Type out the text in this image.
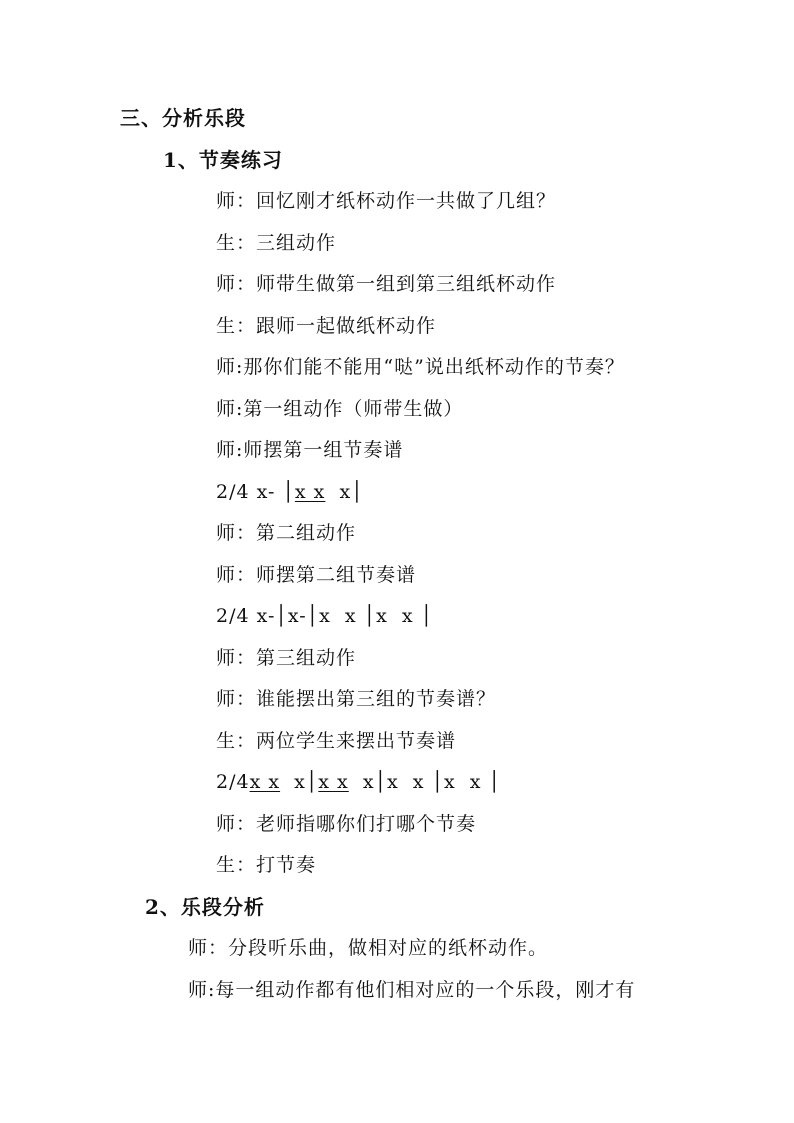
三、分析乐段
1、节奏练习
师：回忆刚才纸杯动作一共做了几组？
生：三组动作
师：师带生做第一组到第三组纸杯动作
生：跟师一起做纸杯动作
师:那你们能不能用“哒”说出纸杯动作的节奏？
师:第一组动作（师带生做）
师:师摆第一组节奏谱
2/4 x- │x x  x│
师：第二组动作
师：师摆第二组节奏谱
2/4 x-│x-│x  x │x  x │
师：第三组动作
师：谁能摆出第三组的节奏谱？
生：两位学生来摆出节奏谱
2/4x x  x│x x  x│x  x │x  x │
师：老师指哪你们打哪个节奏
生：打节奏
2、乐段分析
师：分段听乐曲，做相对应的纸杯动作。
师:每一组动作都有他们相对应的一个乐段，刚才有
